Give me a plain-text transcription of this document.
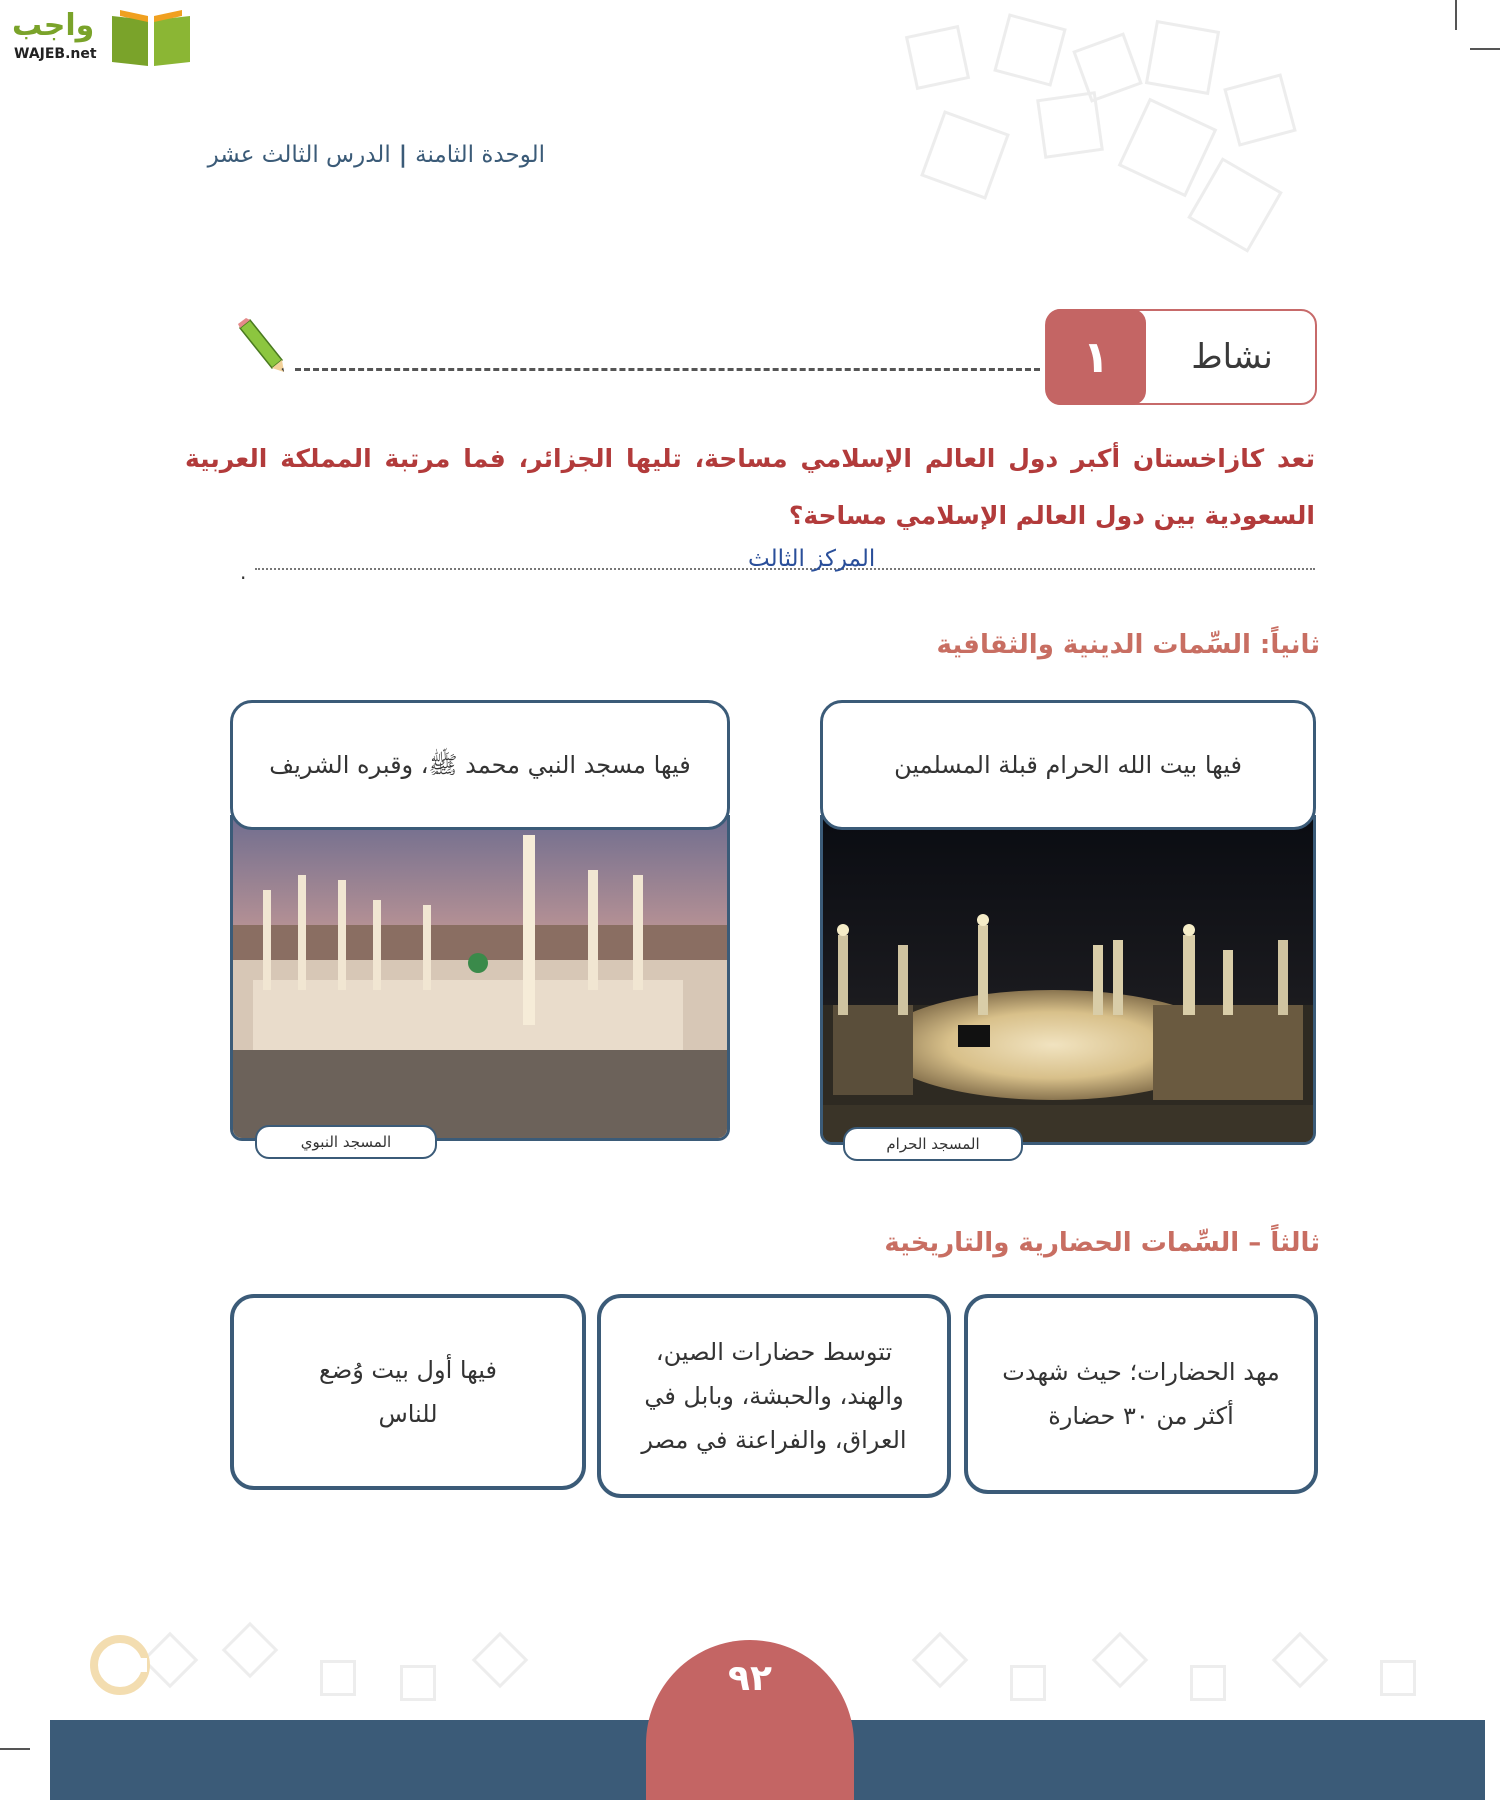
واجب
WAJEB.net
الوحدة الثامنة|الدرس الثالث عشر
١	نشاط
تعد كازاخستان أكبر دول العالم الإسلامي مساحة، تليها الجزائر، فما مرتبة المملكة العربية السعودية بين دول العالم الإسلامي مساحة؟
.	المركز الثالث
ثانياً: السِّمات الدينية والثقافية
فيها بيت الله الحرام قبلة المسلمين
المسجد الحرام
فيها مسجد النبي محمد ﷺ، وقبره الشريف
المسجد النبوي
ثالثاً – السِّمات الحضارية والتاريخية
مهد الحضارات؛ حيث شهدت أكثر من ٣٠ حضارة
تتوسط حضارات الصين، والهند، والحبشة، وبابل في العراق، والفراعنة في مصر
فيها أول بيت وُضع للناس
٩٢
